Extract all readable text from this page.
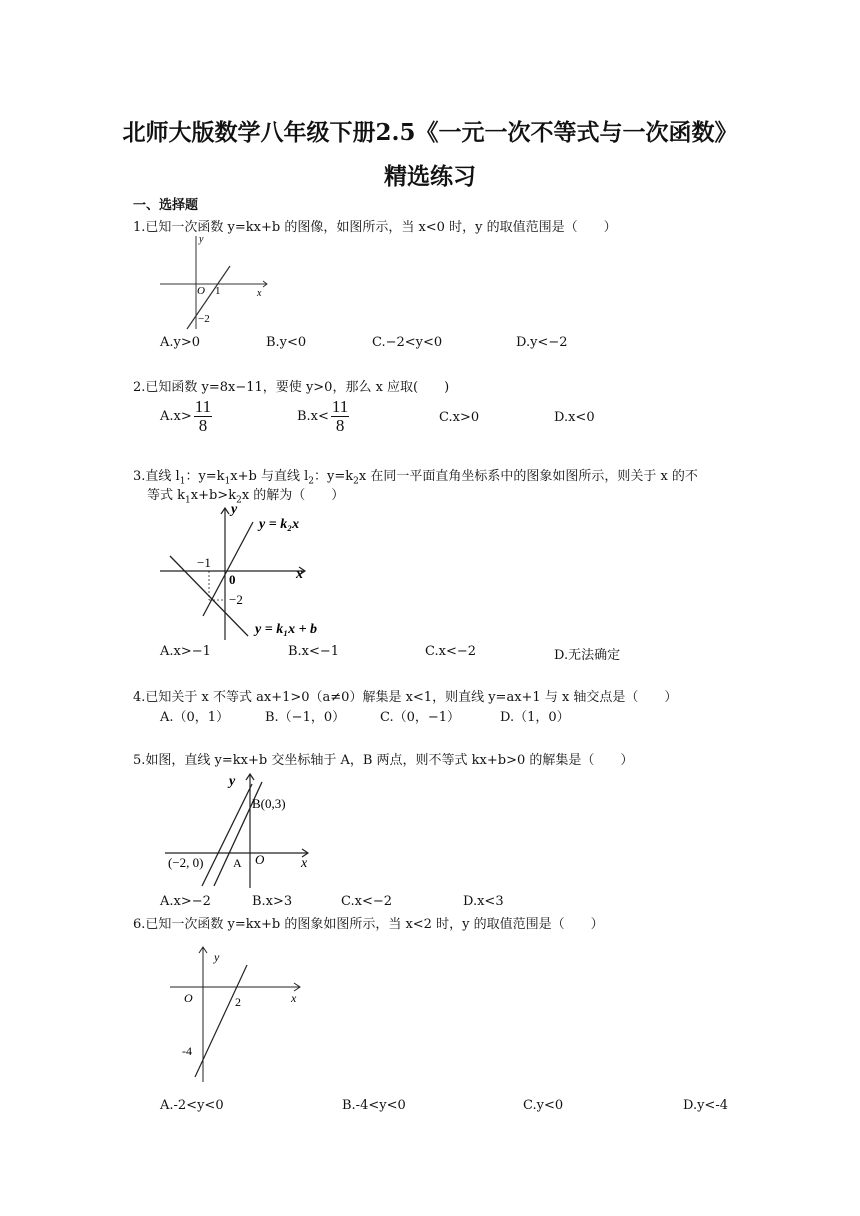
北师大版数学八年级下册2.5《一元一次不等式与一次函数》
精选练习
一、选择题
1.已知一次函数 y=kx+b 的图像，如图所示，当 x<0 时，y 的取值范围是（　　）
y
x
O 1
−2
A.y>0	B.y<0	C.−2<y<0	D.y<−2
2.已知函数 y=8x−11，要使 y>0，那么 x 应取(　　)
$A.x> \frac{11}{8}$	$B.x< \frac{11}{8}$	C.x>0	D.x<0
3.直线 $l_1$：$y=k_1x+b$ 与直线 $l_2$：$y=k_2x$ 在同一平面直角坐标系中的图象如图所示，则关于 x 的不
等式 $k_1x+b>k_2x$ 的解为（　　）
y
x
0
−1
−2
y = k₂x
y = k₁x + b
A.x>−1	B.x<−1	C.x<−2	D.无法确定
4.已知关于 x 不等式 ax+1>0（a≠0）解集是 x<1，则直线 y=ax+1 与 x 轴交点是（　　）
A.（0，1）	B.（−1，0）	C.（0，−1）	D.（1，0）
5.如图，直线 y=kx+b 交坐标轴于 A，B 两点，则不等式 kx+b>0 的解集是（　　）
y
x
B(0,3)
A O
(−2, 0)
A.x>−2	B.x>3	C.x<−2	D.x<3
6.已知一次函数 y=kx+b 的图象如图所示，当 x<2 时，y 的取值范围是（　　）
y
x
O	2
-4
A.-2<y<0	B.-4<y<0	C.y<0	D.y<-4
